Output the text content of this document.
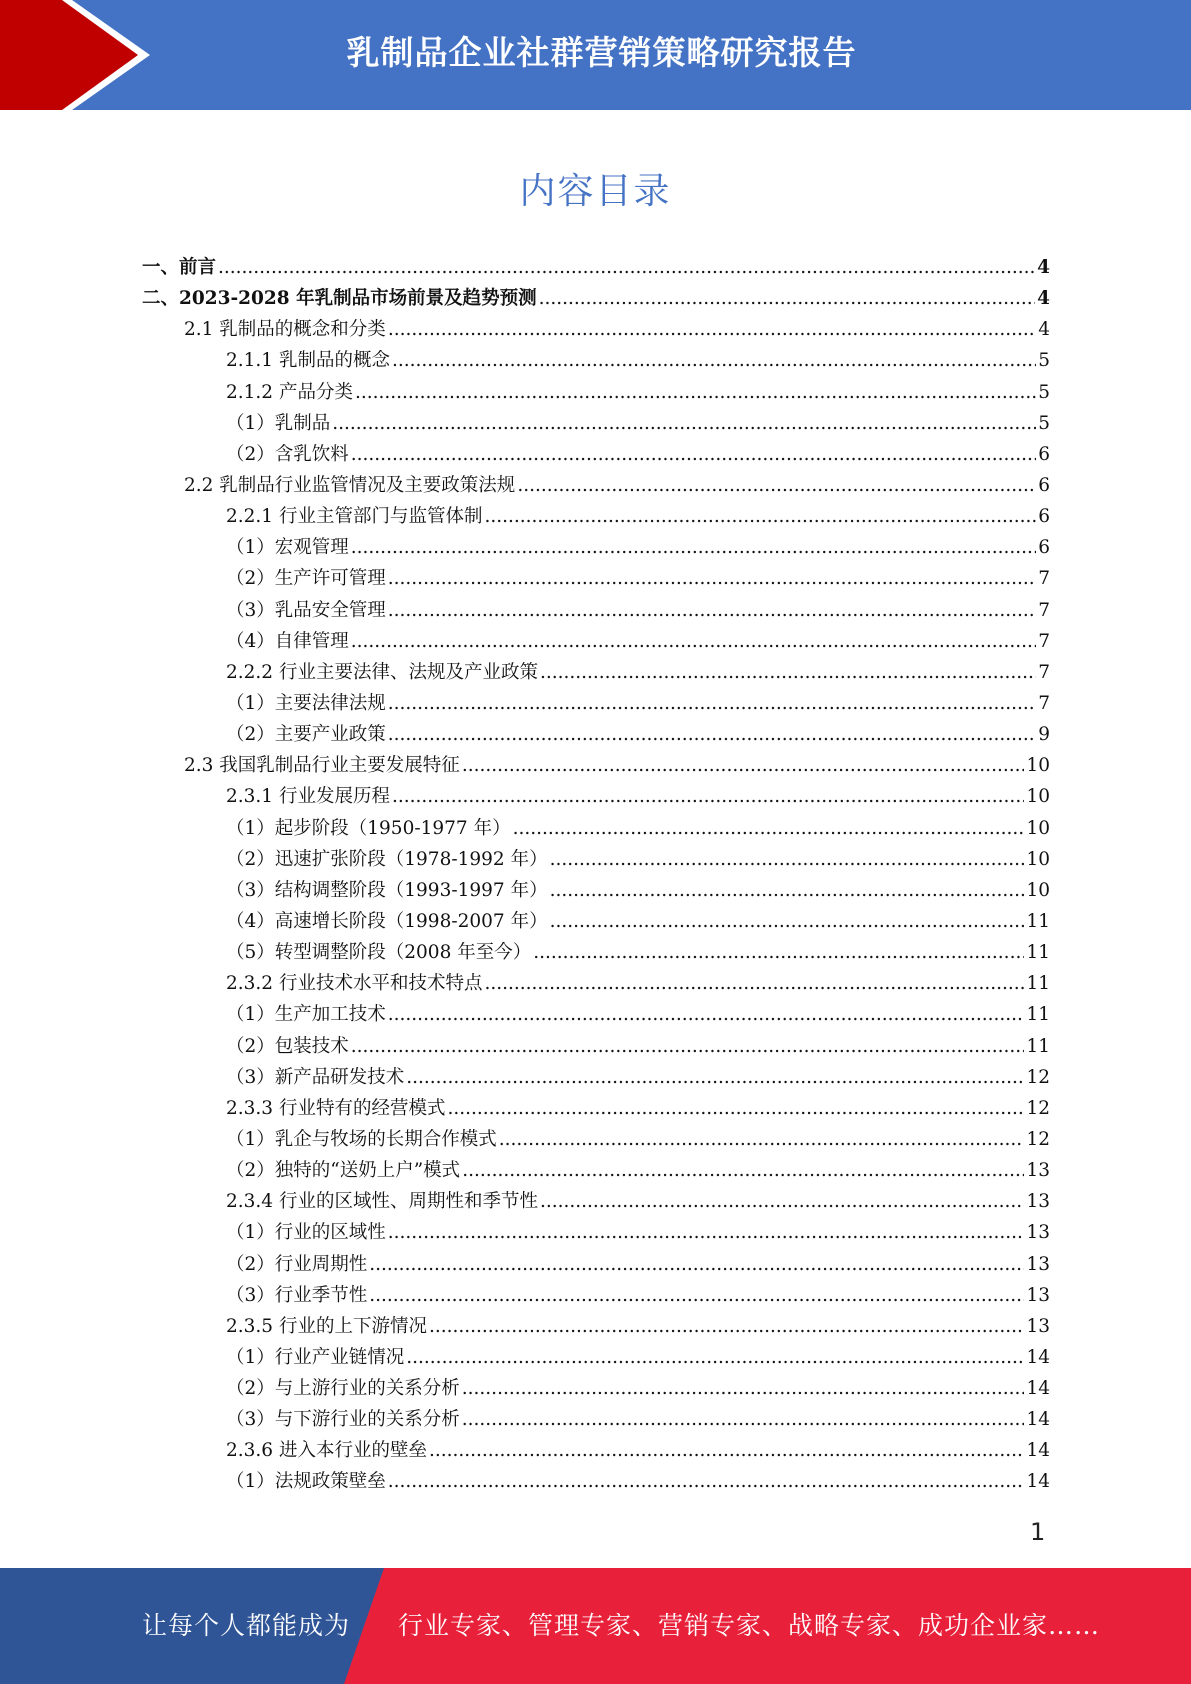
乳制品企业社群营销策略研究报告
内容目录
一、前言 .....	4
二、2023-2028 年乳制品市场前景及趋势预测 .....	4
2.1 乳制品的概念和分类 .....	4
2.1.1 乳制品的概念 .....	5
2.1.2 产品分类 .....	5
（1）乳制品 .....	5
（2）含乳饮料 .....	6
2.2 乳制品行业监管情况及主要政策法规 .....	6
2.2.1 行业主管部门与监管体制 .....	6
（1）宏观管理 .....	6
（2）生产许可管理 .....	7
（3）乳品安全管理 .....	7
（4）自律管理 .....	7
2.2.2 行业主要法律、法规及产业政策 .....	7
（1）主要法律法规 .....	7
（2）主要产业政策 .....	9
2.3 我国乳制品行业主要发展特征 .....	10
2.3.1 行业发展历程 .....	10
（1）起步阶段（1950-1977 年） .....	10
（2）迅速扩张阶段（1978-1992 年） .....	10
（3）结构调整阶段（1993-1997 年） .....	10
（4）高速增长阶段（1998-2007 年） .....	11
（5）转型调整阶段（2008 年至今） .....	11
2.3.2 行业技术水平和技术特点 .....	11
（1）生产加工技术 .....	11
（2）包装技术 .....	11
（3）新产品研发技术 .....	12
2.3.3 行业特有的经营模式 .....	12
（1）乳企与牧场的长期合作模式 .....	12
（2）独特的“送奶上户”模式 .....	13
2.3.4 行业的区域性、周期性和季节性 .....	13
（1）行业的区域性 .....	13
（2）行业周期性 .....	13
（3）行业季节性 .....	13
2.3.5 行业的上下游情况 .....	13
（1）行业产业链情况 .....	14
（2）与上游行业的关系分析 .....	14
（3）与下游行业的关系分析 .....	14
2.3.6 进入本行业的壁垒 .....	14
（1）法规政策壁垒 .....	14
1
让每个人都能成为 行业专家、管理专家、营销专家、战略专家、成功企业家……
